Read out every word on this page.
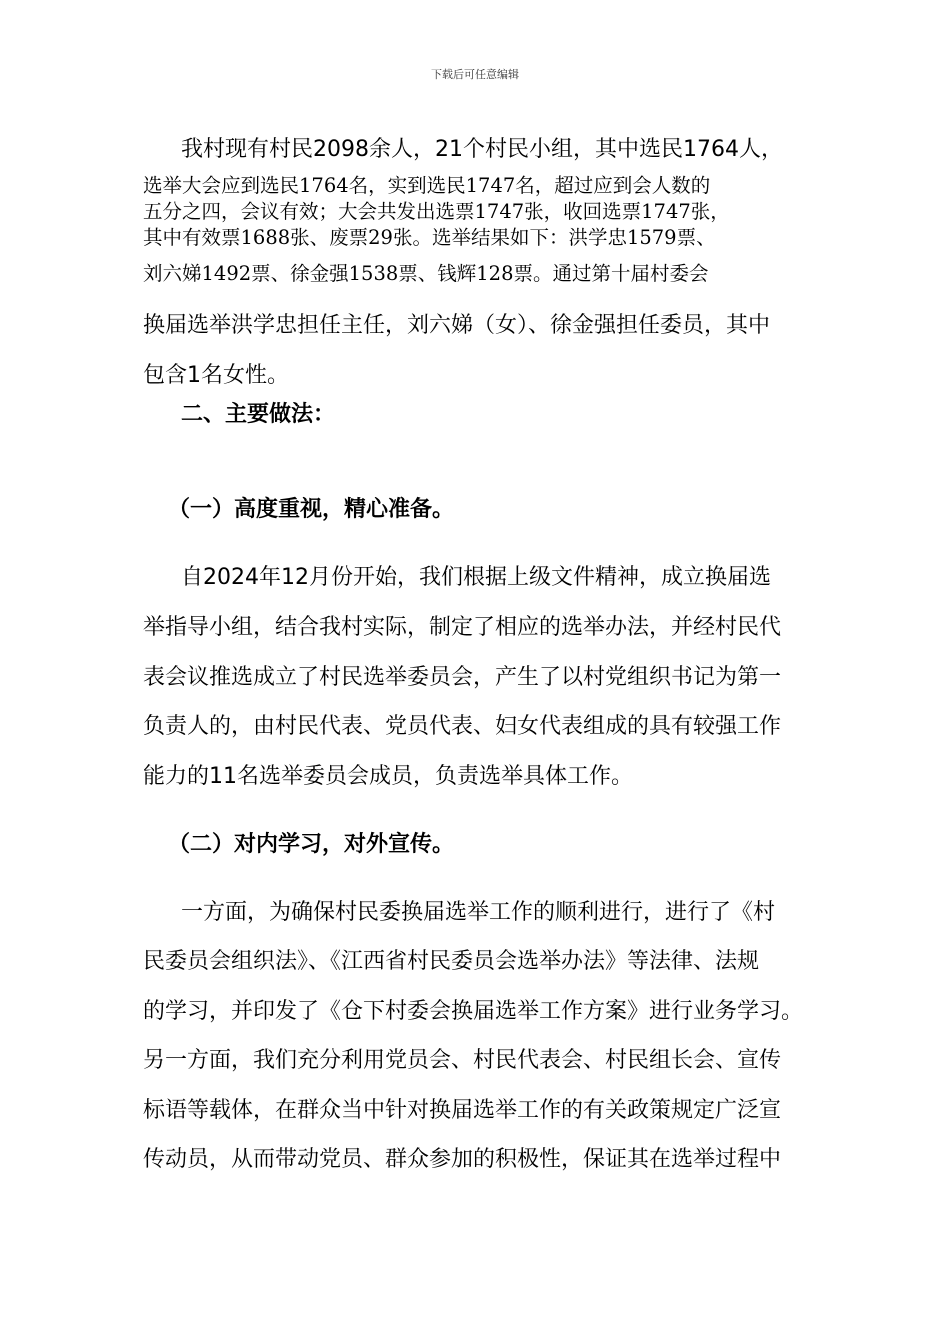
下载后可任意编辑
我村现有村民2098余人，21个村民小组，其中选民1764人，
选举大会应到选民1764名，实到选民1747名，超过应到会人数的
五分之四，会议有效；大会共发出选票1747张，收回选票1747张，
其中有效票1688张、废票29张。选举结果如下：洪学忠1579票、
刘六娣1492票、徐金强1538票、钱辉128票。通过第十届村委会
换届选举洪学忠担任主任，刘六娣（女）、徐金强担任委员，其中
包含1名女性。
二、主要做法：
（一）高度重视，精心准备。
自2024年12月份开始，我们根据上级文件精神，成立换届选
举指导小组，结合我村实际，制定了相应的选举办法，并经村民代
表会议推选成立了村民选举委员会，产生了以村党组织书记为第一
负责人的，由村民代表、党员代表、妇女代表组成的具有较强工作
能力的11名选举委员会成员，负责选举具体工作。
（二）对内学习，对外宣传。
一方面，为确保村民委换届选举工作的顺利进行，进行了《村
民委员会组织法》、《江西省村民委员会选举办法》等法律、法规
的学习，并印发了《仓下村委会换届选举工作方案》进行业务学习。
另一方面，我们充分利用党员会、村民代表会、村民组长会、宣传
标语等载体，在群众当中针对换届选举工作的有关政策规定广泛宣
传动员，从而带动党员、群众参加的积极性，保证其在选举过程中
